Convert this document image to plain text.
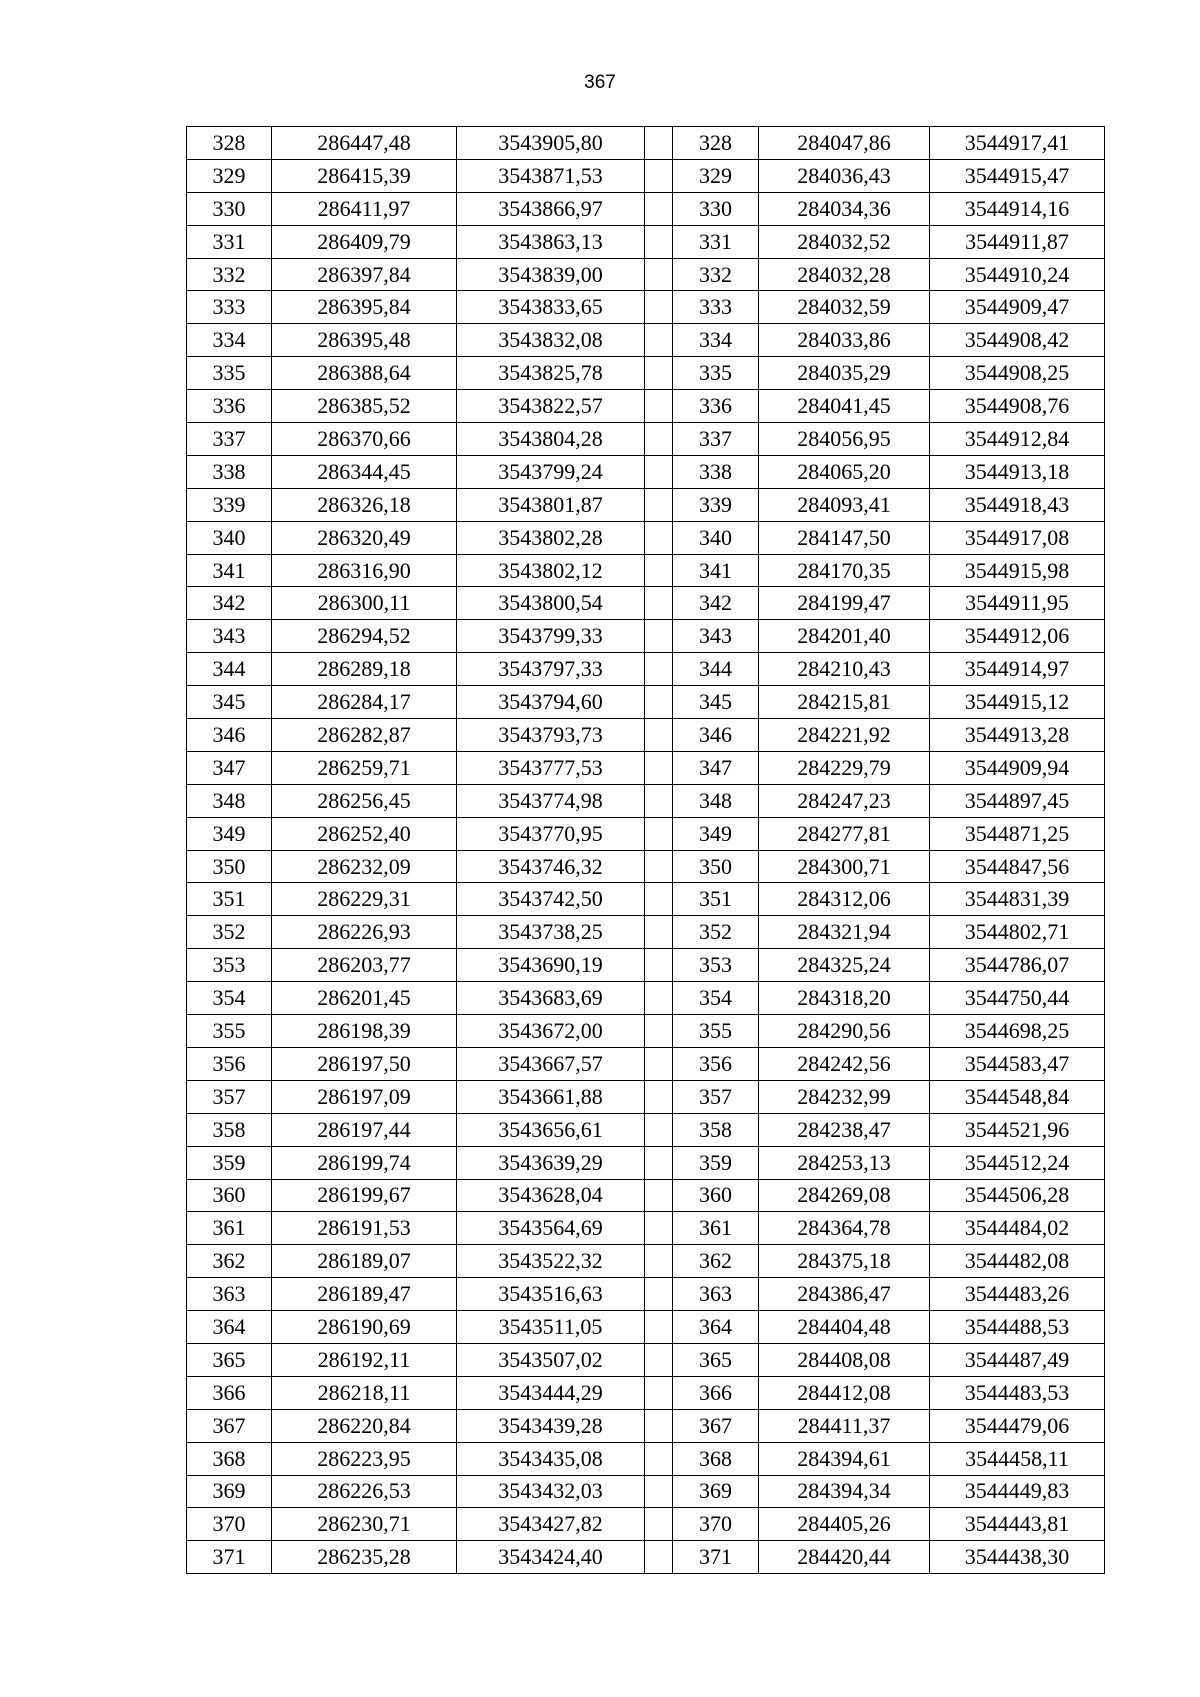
367
328	286447,48	3543905,80		328	284047,86	3544917,41
329	286415,39	3543871,53		329	284036,43	3544915,47
330	286411,97	3543866,97		330	284034,36	3544914,16
331	286409,79	3543863,13		331	284032,52	3544911,87
332	286397,84	3543839,00		332	284032,28	3544910,24
333	286395,84	3543833,65		333	284032,59	3544909,47
334	286395,48	3543832,08		334	284033,86	3544908,42
335	286388,64	3543825,78		335	284035,29	3544908,25
336	286385,52	3543822,57		336	284041,45	3544908,76
337	286370,66	3543804,28		337	284056,95	3544912,84
338	286344,45	3543799,24		338	284065,20	3544913,18
339	286326,18	3543801,87		339	284093,41	3544918,43
340	286320,49	3543802,28		340	284147,50	3544917,08
341	286316,90	3543802,12		341	284170,35	3544915,98
342	286300,11	3543800,54		342	284199,47	3544911,95
343	286294,52	3543799,33		343	284201,40	3544912,06
344	286289,18	3543797,33		344	284210,43	3544914,97
345	286284,17	3543794,60		345	284215,81	3544915,12
346	286282,87	3543793,73		346	284221,92	3544913,28
347	286259,71	3543777,53		347	284229,79	3544909,94
348	286256,45	3543774,98		348	284247,23	3544897,45
349	286252,40	3543770,95		349	284277,81	3544871,25
350	286232,09	3543746,32		350	284300,71	3544847,56
351	286229,31	3543742,50		351	284312,06	3544831,39
352	286226,93	3543738,25		352	284321,94	3544802,71
353	286203,77	3543690,19		353	284325,24	3544786,07
354	286201,45	3543683,69		354	284318,20	3544750,44
355	286198,39	3543672,00		355	284290,56	3544698,25
356	286197,50	3543667,57		356	284242,56	3544583,47
357	286197,09	3543661,88		357	284232,99	3544548,84
358	286197,44	3543656,61		358	284238,47	3544521,96
359	286199,74	3543639,29		359	284253,13	3544512,24
360	286199,67	3543628,04		360	284269,08	3544506,28
361	286191,53	3543564,69		361	284364,78	3544484,02
362	286189,07	3543522,32		362	284375,18	3544482,08
363	286189,47	3543516,63		363	284386,47	3544483,26
364	286190,69	3543511,05		364	284404,48	3544488,53
365	286192,11	3543507,02		365	284408,08	3544487,49
366	286218,11	3543444,29		366	284412,08	3544483,53
367	286220,84	3543439,28		367	284411,37	3544479,06
368	286223,95	3543435,08		368	284394,61	3544458,11
369	286226,53	3543432,03		369	284394,34	3544449,83
370	286230,71	3543427,82		370	284405,26	3544443,81
371	286235,28	3543424,40		371	284420,44	3544438,30
